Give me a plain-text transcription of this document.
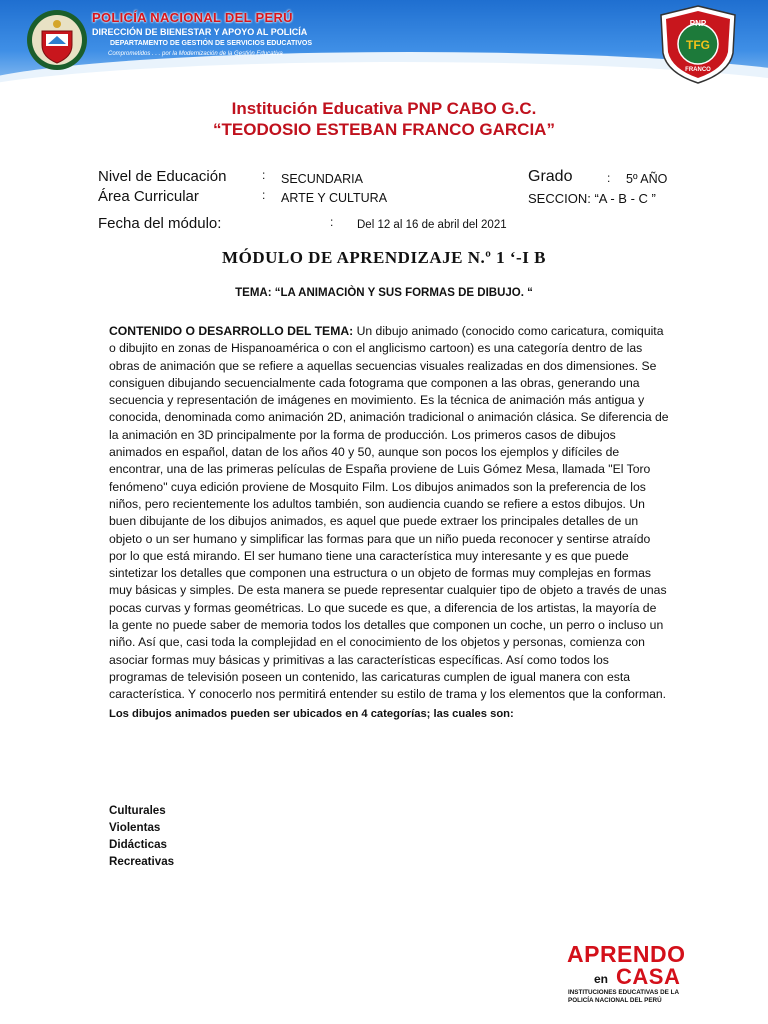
POLICÍA NACIONAL DEL PERÚ
DIRECCIÓN DE BIENESTAR Y APOYO AL POLICÍA
DEPARTAMENTO DE GESTIÓN DE SERVICIOS EDUCATIVOS
Comprometidos . . . por la Modernización de la Gestión Educativa
PNP
TFG
FRANCO
Institución Educativa PNP CABO G.C.
“TEODOSIO ESTEBAN FRANCO GARCIA”
Nivel de Educación	: SECUNDARIA
Área Curricular	: ARTE Y CULTURA
Fecha del módulo:	: Del 12 al 16 de abril del 2021
Grado	: 5º AÑO
SECCION: “A - B - C ”
MÓDULO DE APRENDIZAJE N.º 1 ‘-I B
TEMA: “LA ANIMACIÒN Y SUS FORMAS DE DIBUJO. “

CONTENIDO O DESARROLLO DEL TEMA: Un dibujo animado (conocido como caricatura, comiquita o dibujito en zonas de Hispanoamérica o con el anglicismo cartoon) es una categoría dentro de las obras de animación que se refiere a aquellas secuencias visuales realizadas en dos dimensiones. Se consiguen dibujando secuencialmente cada fotograma que componen a las obras, generando una secuencia y representación de imágenes en movimiento. Es la técnica de animación más antigua y conocida, denominada como animación 2D, animación tradicional o animación clásica. Se diferencia de la animación en 3D principalmente por la forma de producción. Los primeros casos de dibujos animados en español, datan de los años 40 y 50, aunque son pocos los ejemplos y difíciles de encontrar, una de las primeras películas de España proviene de Luis Gómez Mesa, llamada "El Toro fenómeno" cuya edición proviene de Mosquito Film. Los dibujos animados son la preferencia de los niños, pero recientemente los adultos también, son audiencia cuando se refiere a estos dibujos. Un buen dibujante de los dibujos animados, es aquel que puede extraer los principales detalles de un objeto o un ser humano y simplificar las formas para que un niño pueda reconocer y sentirse atraído por lo que está mirando. El ser humano tiene una característica muy interesante y es que puede sintetizar los detalles que componen una estructura o un objeto de formas muy complejas en formas muy básicas y simples. De esta manera se puede representar cualquier tipo de objeto a través de unas pocas curvas y formas geométricas. Lo que sucede es que, a diferencia de los artistas, la mayoría de la gente no puede saber de memoria todos los detalles que componen un coche, un perro o incluso un niño. Así que, casi toda la complejidad en el conocimiento de los objetos y personas, comienza con asociar formas muy básicas y primitivas a las características específicas. Así como todos los programas de televisión poseen un contenido, las caricaturas cumplen de igual manera con esta característica. Y conocerlo nos permitirá entender su estilo de trama y los elementos que la conforman. Los dibujos animados pueden ser ubicados en 4 categorías; las cuales son:

Culturales
Violentas
Didácticas
Recreativas
APRENDO
en CASA
INSTITUCIONES EDUCATIVAS DE LA
POLICÍA NACIONAL DEL PERÚ
